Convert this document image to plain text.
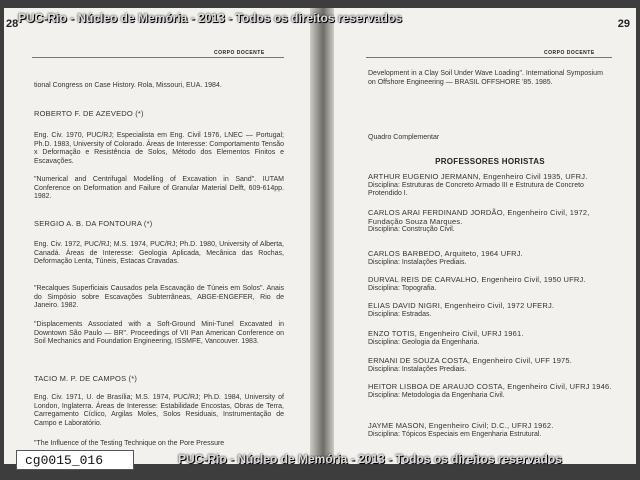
28
CORPO DOCENTE

tional Congress on Case History. Rola, Missouri, EUA. 1984.

ROBERTO F. DE AZEVEDO (*)

Eng. Civ. 1970, PUC/RJ; Especialista em Eng. Civil 1976, LNEC — Portugal; Ph.D. 1983, University of Colorado. Áreas de Interesse: Comportamento Tensão x Deformação e Resistência de Solos, Método dos Elementos Finitos e Escavações.

"Numerical and Centrifugal Modelling of Excavation in Sand". IUTAM Conference on Deformation and Failure of Granular Material Delft, 609-614pp. 1982.

SERGIO A. B. DA FONTOURA (*)

Eng. Civ. 1972, PUC/RJ; M.S. 1974, PUC/RJ; Ph.D. 1980, University of Alberta, Canadá. Áreas de Interesse: Geologia Aplicada, Mecânica das Rochas, Deformação Lenta, Túneis, Estacas Cravadas.

"Recalques Superficiais Causados pela Escavação de Túneis em Solos". Anais do Simpósio sobre Escavações Subterrâneas, ABGE-ENGEFER, Rio de Janeiro. 1982.

"Displacements Associated with a Soft-Ground Mini-Tunel Excavated in Downtown São Paulo — BR". Proceedings of VII Pan American Conference on Soil Mechanics and Foundation Engineering, ISSMFE, Vancouver. 1983.

TACIO M. P. DE CAMPOS (*)

Eng. Civ. 1971, U. de Brasília; M.S. 1974, PUC/RJ; Ph.D. 1984, University of London, Inglaterra. Áreas de Interesse: Estabilidade Encostas, Obras de Terra, Carregamento Cíclico, Argilas Moles, Solos Residuais, Instrumentação de Campo e Laboratório.

"The Influence of the Testing Technique on the Pore Pressure

29
CORPO DOCENTE

Development in a Clay Soil Under Wave Loading". International Symposium on Offshore Engineering — BRASIL OFFSHORE '85. 1985.

Quadro Complementar

PROFESSORES HORISTAS

ARTHUR EUGENIO JERMANN, Engenheiro Civil 1935, UFRJ.

Disciplina: Estruturas de Concreto Armado III e Estrutura de Concreto Protendido I.

CARLOS ARAI FERDINAND JORDÃO, Engenheiro Civil, 1972, Fundação Souza Marques.

Disciplina: Construção Civil.

CARLOS BARBEDO, Arquiteto, 1964 UFRJ.

Disciplina: Instalações Prediais.

DURVAL REIS DE CARVALHO, Engenheiro Civil, 1950 UFRJ.

Disciplina: Topografia.

ELIAS DAVID NIGRI, Engenheiro Civil, 1972 UFERJ.

Disciplina: Estradas.

ENZO TOTIS, Engenheiro Civil, UFRJ 1961.

Disciplina: Geologia da Engenharia.

ERNANI DE SOUZA COSTA, Engenheiro Civil, UFF 1975.

Disciplina: Instalações Prediais.

HEITOR LISBOA DE ARAUJO COSTA, Engenheiro Civil, UFRJ 1946.

Disciplina: Metodologia da Engenharia Civil.

JAYME MASON, Engenheiro Civil; D.C., UFRJ 1962.

Disciplina: Tópicos Especiais em Engenharia Estrutural.

PUC-Rio - Núcleo de Memória - 2013 - Todos os direitos reservados
PUC-Rio - Núcleo de Memória - 2013 - Todos os direitos reservados
cg0015_016
